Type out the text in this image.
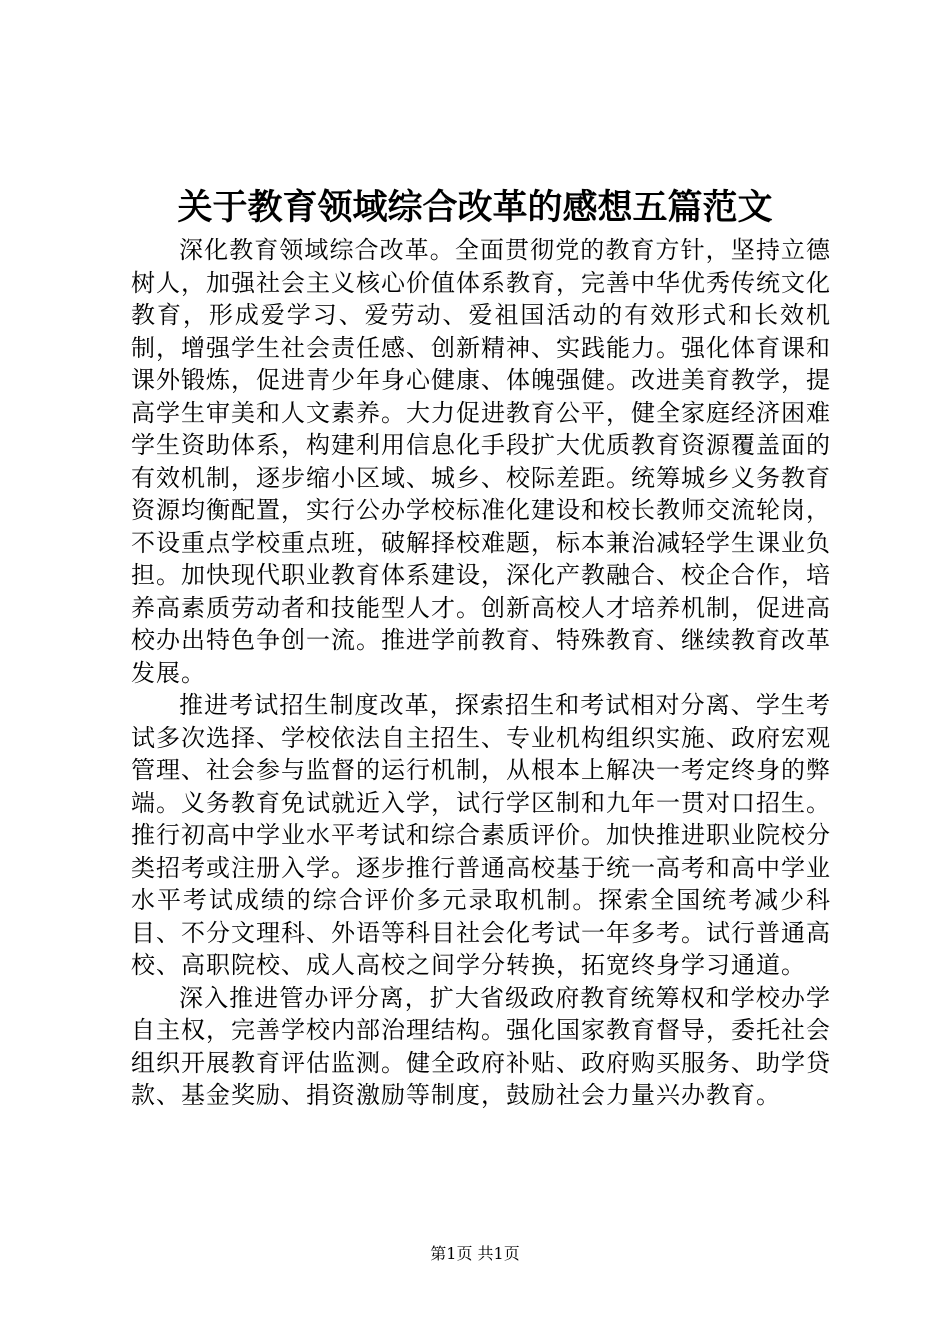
关于教育领域综合改革的感想五篇范文

深化教育领域综合改革。全面贯彻党的教育方针，坚持立德树人，加强社会主义核心价值体系教育，完善中华优秀传统文化教育，形成爱学习、爱劳动、爱祖国活动的有效形式和长效机制，增强学生社会责任感、创新精神、实践能力。强化体育课和课外锻炼，促进青少年身心健康、体魄强健。改进美育教学，提高学生审美和人文素养。大力促进教育公平，健全家庭经济困难学生资助体系，构建利用信息化手段扩大优质教育资源覆盖面的有效机制，逐步缩小区域、城乡、校际差距。统筹城乡义务教育资源均衡配置，实行公办学校标准化建设和校长教师交流轮岗，不设重点学校重点班，破解择校难题，标本兼治减轻学生课业负担。加快现代职业教育体系建设，深化产教融合、校企合作，培养高素质劳动者和技能型人才。创新高校人才培养机制，促进高校办出特色争创一流。推进学前教育、特殊教育、继续教育改革发展。

推进考试招生制度改革，探索招生和考试相对分离、学生考试多次选择、学校依法自主招生、专业机构组织实施、政府宏观管理、社会参与监督的运行机制，从根本上解决一考定终身的弊端。义务教育免试就近入学，试行学区制和九年一贯对口招生。推行初高中学业水平考试和综合素质评价。加快推进职业院校分类招考或注册入学。逐步推行普通高校基于统一高考和高中学业水平考试成绩的综合评价多元录取机制。探索全国统考减少科目、不分文理科、外语等科目社会化考试一年多考。试行普通高校、高职院校、成人高校之间学分转换，拓宽终身学习通道。

深入推进管办评分离，扩大省级政府教育统筹权和学校办学自主权，完善学校内部治理结构。强化国家教育督导，委托社会组织开展教育评估监测。健全政府补贴、政府购买服务、助学贷款、基金奖励、捐资激励等制度，鼓励社会力量兴办教育。

第1页 共1页
